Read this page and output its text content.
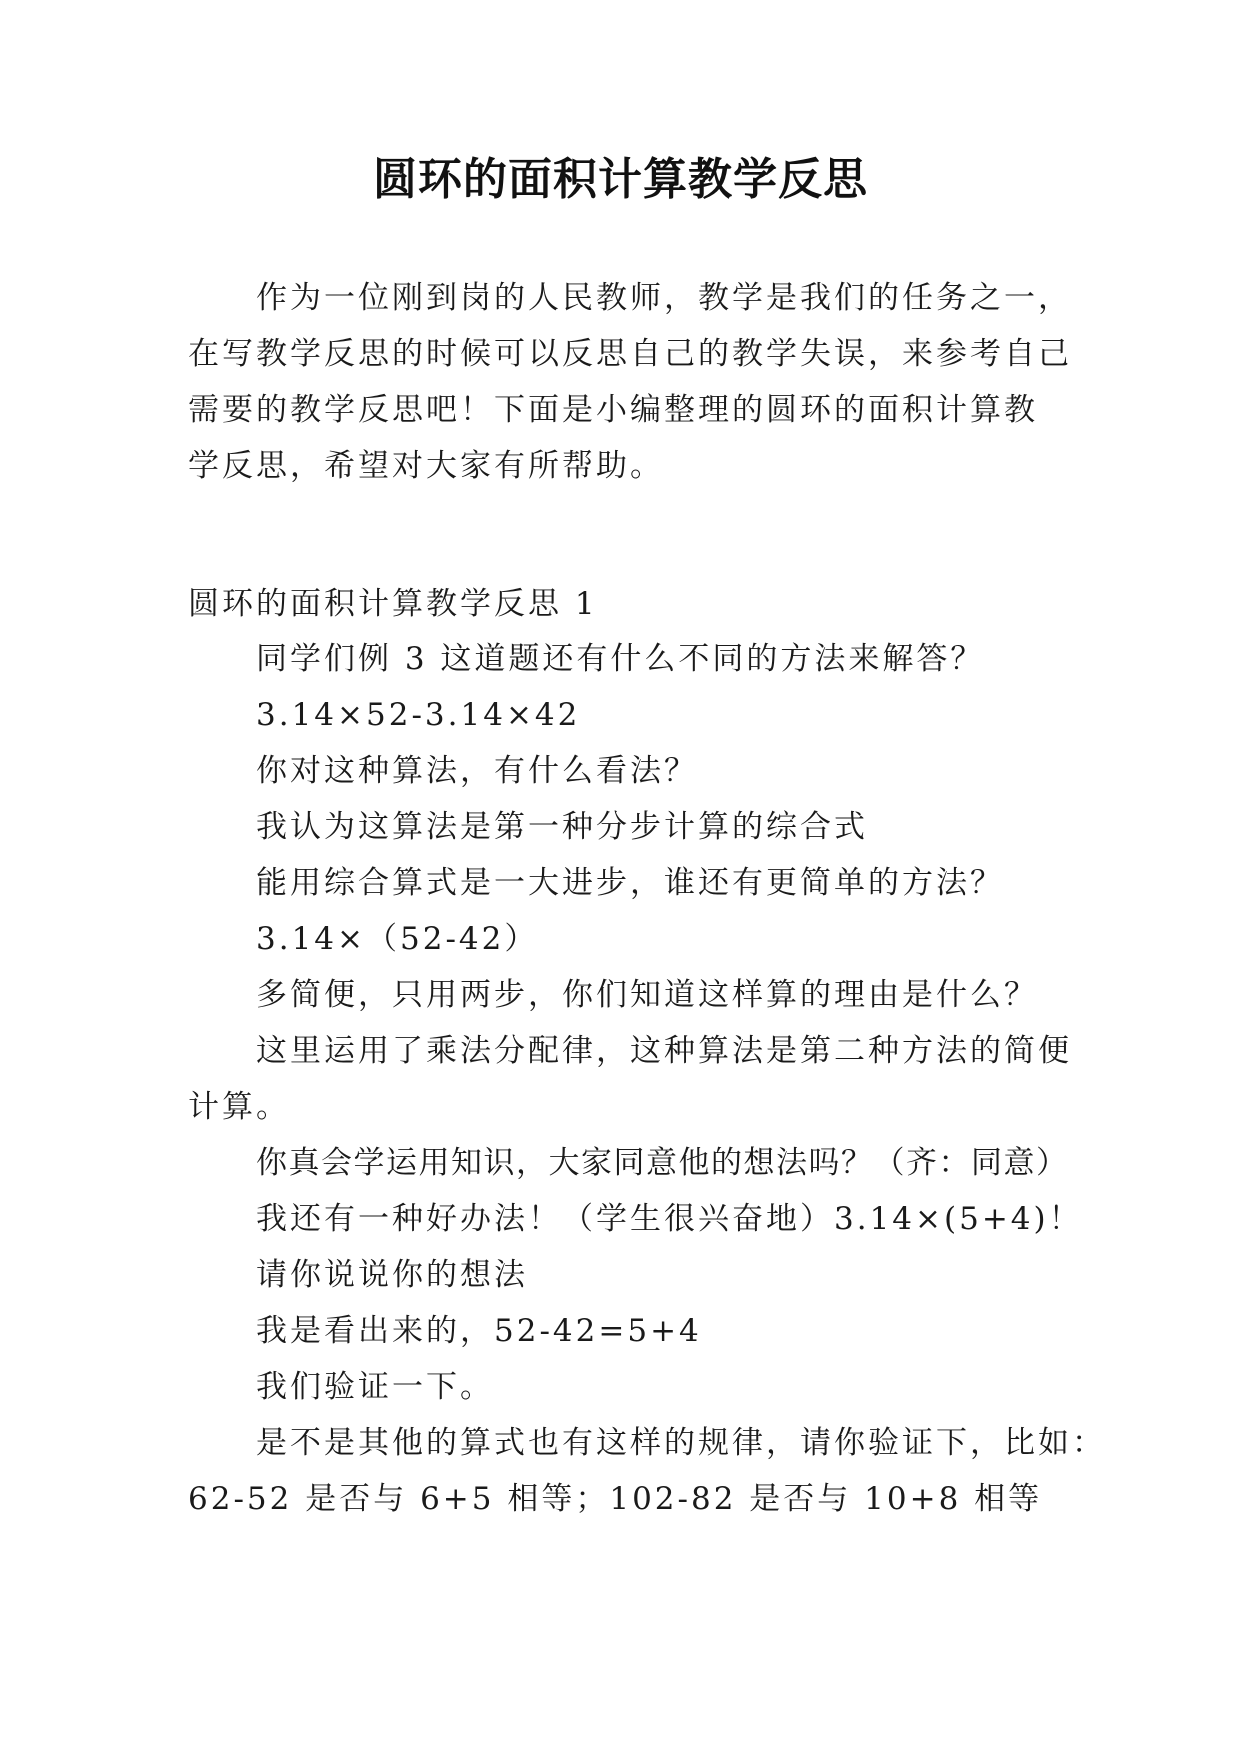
圆环的面积计算教学反思
作为一位刚到岗的人民教师，教学是我们的任务之一，
在写教学反思的时候可以反思自己的教学失误，来参考自己
需要的教学反思吧！下面是小编整理的圆环的面积计算教
学反思，希望对大家有所帮助。
圆环的面积计算教学反思 1
同学们例 3 这道题还有什么不同的方法来解答？
3.14×52-3.14×42
你对这种算法，有什么看法？
我认为这算法是第一种分步计算的综合式
能用综合算式是一大进步，谁还有更简单的方法？
3.14×（52-42）
多简便，只用两步，你们知道这样算的理由是什么？
这里运用了乘法分配律，这种算法是第二种方法的简便
计算。
你真会学运用知识，大家同意他的想法吗？（齐：同意）
我还有一种好办法！（学生很兴奋地）3.14×(5+4)！
请你说说你的想法
我是看出来的，52-42=5+4
我们验证一下。
是不是其他的算式也有这样的规律，请你验证下，比如：
62-52 是否与 6+5 相等；102-82 是否与 10+8 相等
